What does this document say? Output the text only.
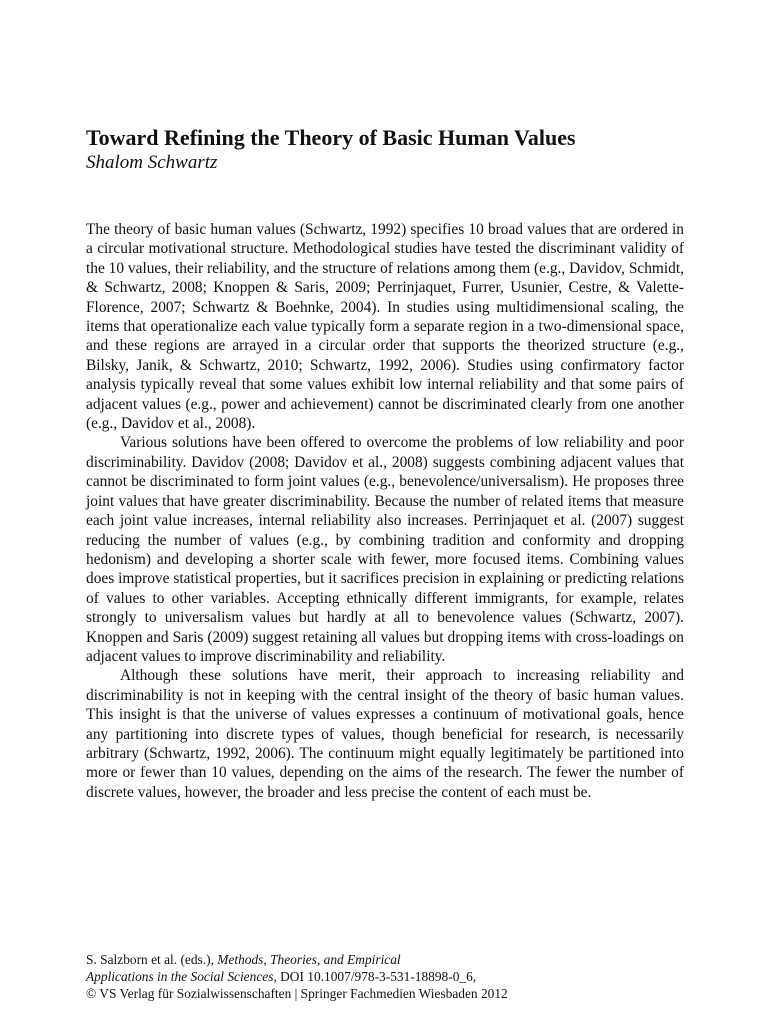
Toward Refining the Theory of Basic Human Values
Shalom Schwartz

The theory of basic human values (Schwartz, 1992) specifies 10 broad values that are ordered in a circular motivational structure. Methodological studies have tested the discriminant validity of the 10 values, their reliability, and the structure of relations among them (e.g., Davidov, Schmidt, & Schwartz, 2008; Knoppen & Saris, 2009; Perrinjaquet, Furrer, Usunier, Cestre, & Valette-Florence, 2007; Schwartz & Boehnke, 2004). In studies using multidimensional scaling, the items that operationalize each value typically form a separate region in a two-dimensional space, and these regions are arrayed in a circular order that supports the theorized structure (e.g., Bilsky, Janik, & Schwartz, 2010; Schwartz, 1992, 2006). Studies using confirmatory factor analysis typically reveal that some values exhibit low internal reliability and that some pairs of adjacent values (e.g., power and achievement) cannot be discriminated clearly from one another (e.g., Davidov et al., 2008).

Various solutions have been offered to overcome the problems of low reliability and poor discriminability. Davidov (2008; Davidov et al., 2008) suggests combining adjacent values that cannot be discriminated to form joint values (e.g., benevolence/universalism). He proposes three joint values that have greater discriminability. Because the number of related items that measure each joint value increases, internal reliability also increases. Perrinjaquet et al. (2007) suggest reducing the number of values (e.g., by combining tradition and conformity and dropping hedonism) and developing a shorter scale with fewer, more focused items. Combining values does improve statistical properties, but it sacrifices precision in explaining or predicting relations of values to other variables. Accepting ethnically different immigrants, for example, relates strongly to universalism values but hardly at all to benevolence values (Schwartz, 2007). Knoppen and Saris (2009) suggest retaining all values but dropping items with cross-loadings on adjacent values to improve discriminability and reliability.

Although these solutions have merit, their approach to increasing reliability and discriminability is not in keeping with the central insight of the theory of basic human values. This insight is that the universe of values expresses a continuum of motivational goals, hence any partitioning into discrete types of values, though beneficial for research, is necessarily arbitrary (Schwartz, 1992, 2006). The continuum might equally legitimately be partitioned into more or fewer than 10 values, depending on the aims of the research. The fewer the number of discrete values, however, the broader and less precise the content of each must be.

S. Salzborn et al. (eds.), Methods, Theories, and Empirical
Applications in the Social Sciences, DOI 10.1007/978-3-531-18898-0_6,
© VS Verlag für Sozialwissenschaften | Springer Fachmedien Wiesbaden 2012
